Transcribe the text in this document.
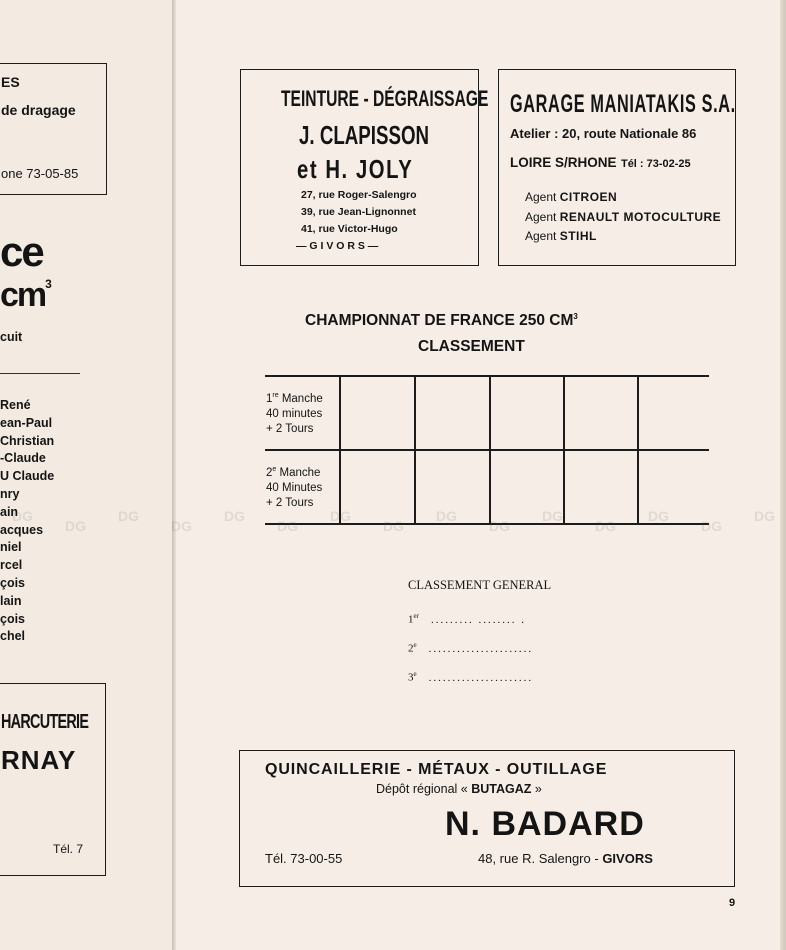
ES
de dragage
one 73-05-85
ce
$cm^3$
cuit
René
ean-Paul
Christian
-Claude
U Claude
nry
ain
acques
niel
rcel
çois
lain
çois
chel
HARCUTERIE
RNAY
Tél. 7
TEINTURE - DÉGRAISSAGE
J. CLAPISSON
et H. JOLY
27, rue Roger-Salengro
39, rue Jean-Lignonnet
41, rue Victor-Hugo
— G I V O R S —
GARAGE MANIATAKIS S.A.
Atelier : 20, route Nationale 86
LOIRE S/RHONE Tél : 73-02-25
Agent CITROEN
Agent RENAULT MOTOCULTURE
Agent STIHL
CHAMPIONNAT DE FRANCE 250 $CM^3$
CLASSEMENT
1re Manche
40 minutes
+ 2 Tours
2e Manche
40 Minutes
+ 2 Tours
CLASSEMENT GENERAL
1er ......... ........ .
2e ......................
3e ......................
QUINCAILLERIE - MÉTAUX - OUTILLAGE
Dépôt régional « BUTAGAZ »
N. BADARD
Tél. 73-00-55	48, rue R. Salengro - GIVORS
9
